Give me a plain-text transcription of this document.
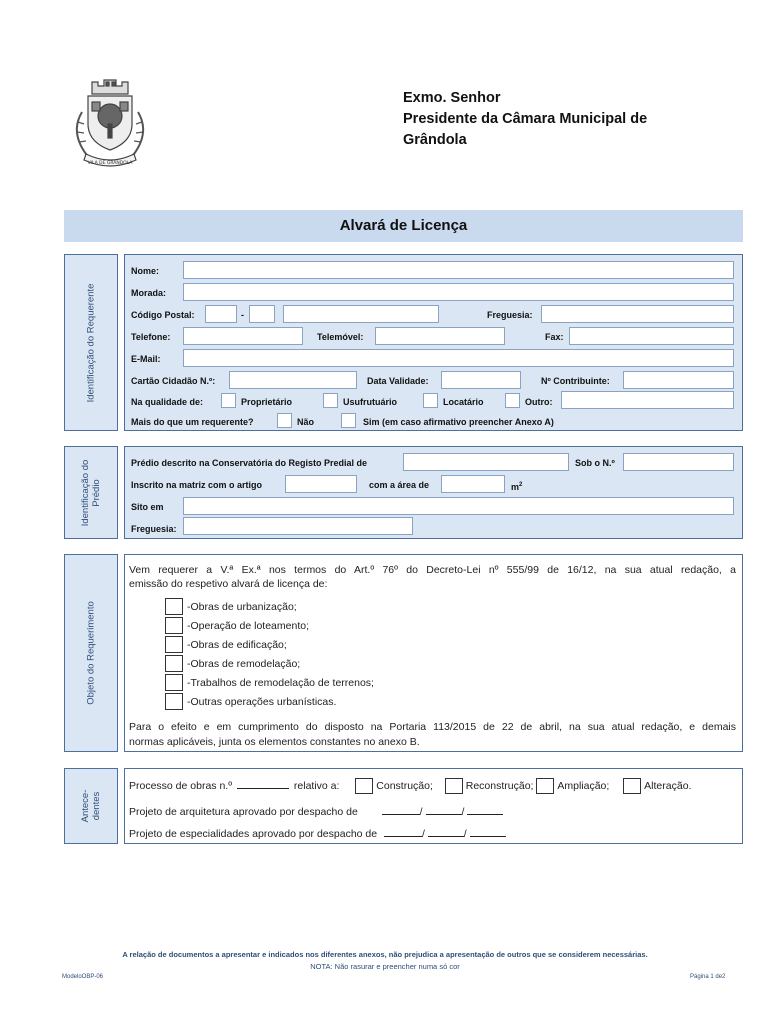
VILA DE GRÂNDOLA
Exmo. Senhor
Presidente da Câmara Municipal de
Grândola
Alvará de Licença
Identificação do Requerente
Nome:
Morada:
Código Postal:	-	Freguesia:
Telefone:	Telemóvel:	Fax:
E-Mail:
Cartão Cidadão N.º:	Data Validade:	Nº Contribuinte:
Na qualidade de:	Proprietário	Usufrutuário	Locatário	Outro:
Mais do que um requerente?	Não	Sim (em caso afirmativo preencher Anexo A)
Identificação do Prédio
Prédio descrito na Conservatória do Registo Predial de	Sob o N.º
Inscrito na matriz com o artigo	com a área de	$m^2$
Sito em
Freguesia:
Objeto do Requerimento
Vem requerer a V.ª Ex.ª nos termos do Art.º 76º do Decreto-Lei nº 555/99 de 16/12, na sua atual redação, a
emissão do respetivo alvará de licença de:
-Obras de urbanização;
-Operação de loteamento;
-Obras de edificação;
-Obras de remodelação;
-Trabalhos de remodelação de terrenos;
-Outras operações urbanísticas.
Para o efeito e em cumprimento do disposto na Portaria 113/2015 de 22 de abril, na sua atual redação, e demais
normas aplicáveis, junta os elementos constantes no anexo B.
Antece- dentes
Processo de obras n.º	relativo a:	Construção;	Reconstrução; Ampliação;	Alteração.
Projeto de arquitetura aprovado por despacho de	/	/
Projeto de especialidades aprovado por despacho de	/	/
A relação de documentos a apresentar e indicados nos diferentes anexos, não prejudica a apresentação de outros que se considerem necessárias.
NOTA: Não rasurar e preencher numa só cor
ModeloOBP-06	Página 1 de2
